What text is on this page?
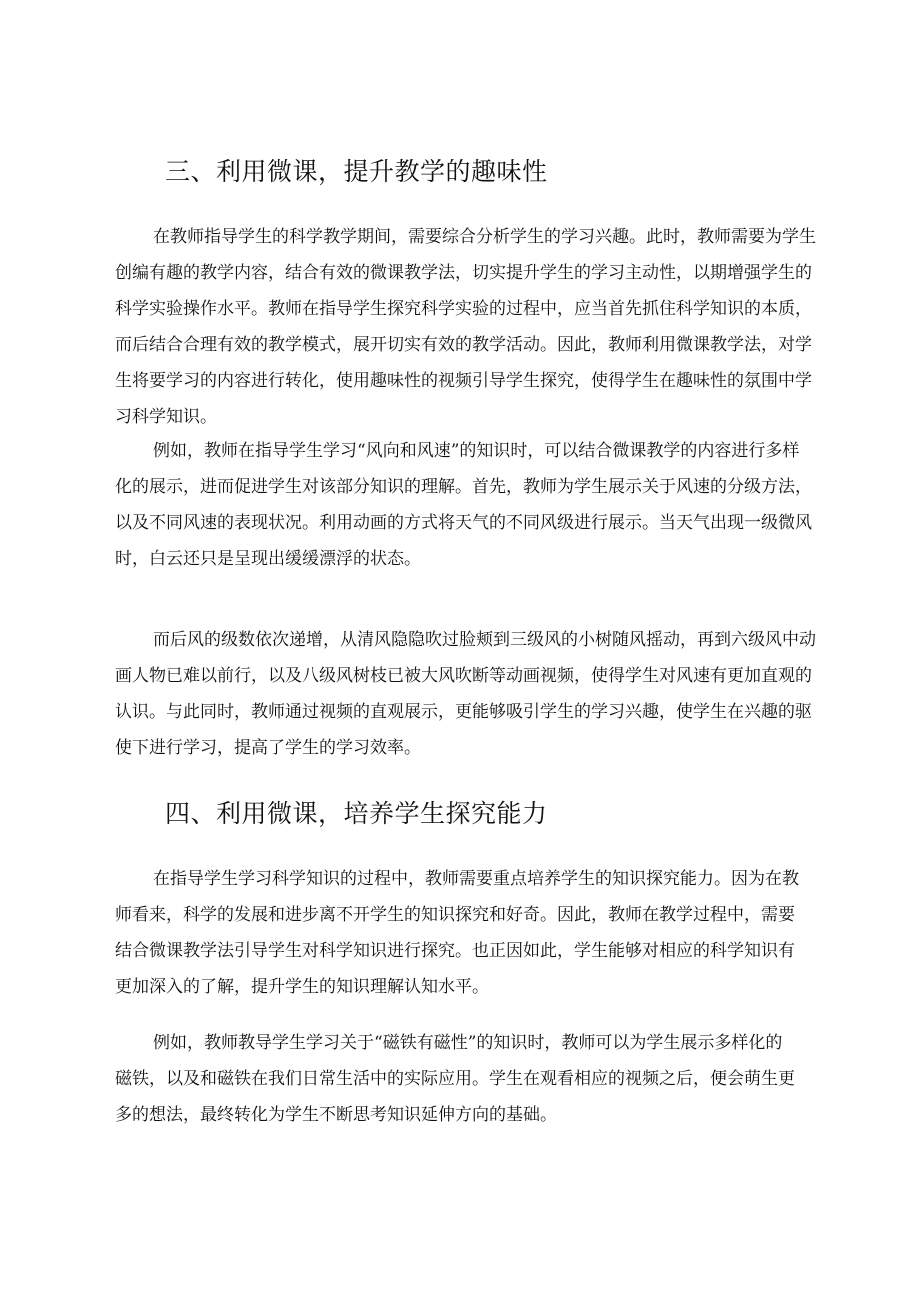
三、利用微课，提升教学的趣味性
在教师指导学生的科学教学期间，需要综合分析学生的学习兴趣。此时，教师需要为学生
创编有趣的教学内容，结合有效的微课教学法，切实提升学生的学习主动性，以期增强学生的
科学实验操作水平。教师在指导学生探究科学实验的过程中，应当首先抓住科学知识的本质，
而后结合合理有效的教学模式，展开切实有效的教学活动。因此，教师利用微课教学法，对学
生将要学习的内容进行转化，使用趣味性的视频引导学生探究，使得学生在趣味性的氛围中学
习科学知识。
例如，教师在指导学生学习“风向和风速”的知识时，可以结合微课教学的内容进行多样
化的展示，进而促进学生对该部分知识的理解。首先，教师为学生展示关于风速的分级方法，
以及不同风速的表现状况。利用动画的方式将天气的不同风级进行展示。当天气出现一级微风
时，白云还只是呈现出缓缓漂浮的状态。
而后风的级数依次递增，从清风隐隐吹过脸颊到三级风的小树随风摇动，再到六级风中动
画人物已难以前行，以及八级风树枝已被大风吹断等动画视频，使得学生对风速有更加直观的
认识。与此同时，教师通过视频的直观展示，更能够吸引学生的学习兴趣，使学生在兴趣的驱
使下进行学习，提高了学生的学习效率。
四、利用微课，培养学生探究能力
在指导学生学习科学知识的过程中，教师需要重点培养学生的知识探究能力。因为在教
师看来，科学的发展和进步离不开学生的知识探究和好奇。因此，教师在教学过程中，需要
结合微课教学法引导学生对科学知识进行探究。也正因如此，学生能够对相应的科学知识有
更加深入的了解，提升学生的知识理解认知水平。
例如，教师教导学生学习关于“磁铁有磁性”的知识时，教师可以为学生展示多样化的
磁铁，以及和磁铁在我们日常生活中的实际应用。学生在观看相应的视频之后，便会萌生更
多的想法，最终转化为学生不断思考知识延伸方向的基础。
